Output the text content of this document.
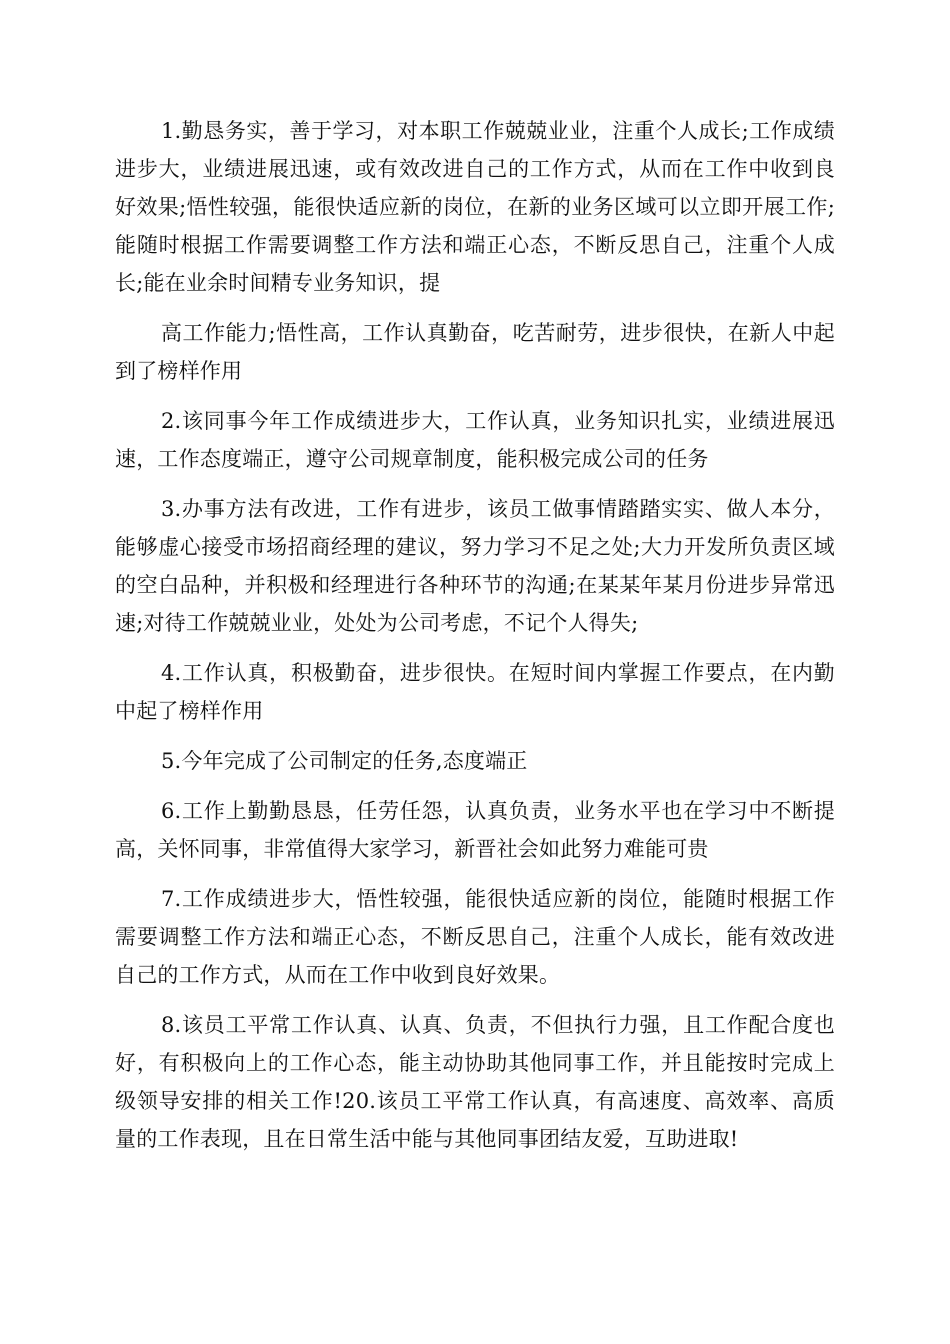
1.勤恳务实，善于学习，对本职工作兢兢业业，注重个人成长;工作成绩进步大，业绩进展迅速，或有效改进自己的工作方式，从而在工作中收到良好效果;悟性较强，能很快适应新的岗位，在新的业务区域可以立即开展工作;能随时根据工作需要调整工作方法和端正心态，不断反思自己，注重个人成长;能在业余时间精专业务知识，提

高工作能力;悟性高，工作认真勤奋，吃苦耐劳，进步很快，在新人中起到了榜样作用

2.该同事今年工作成绩进步大，工作认真，业务知识扎实，业绩进展迅速，工作态度端正，遵守公司规章制度，能积极完成公司的任务

3.办事方法有改进，工作有进步，该员工做事情踏踏实实、做人本分，能够虚心接受市场招商经理的建议，努力学习不足之处;大力开发所负责区域的空白品种，并积极和经理进行各种环节的沟通;在某某年某月份进步异常迅速;对待工作兢兢业业，处处为公司考虑，不记个人得失;

4.工作认真，积极勤奋，进步很快。在短时间内掌握工作要点，在内勤中起了榜样作用

5.今年完成了公司制定的任务,态度端正

6.工作上勤勤恳恳，任劳任怨，认真负责，业务水平也在学习中不断提高，关怀同事，非常值得大家学习，新晋社会如此努力难能可贵

7.工作成绩进步大，悟性较强，能很快适应新的岗位，能随时根据工作需要调整工作方法和端正心态，不断反思自己，注重个人成长，能有效改进自己的工作方式，从而在工作中收到良好效果。

8.该员工平常工作认真、认真、负责，不但执行力强，且工作配合度也好，有积极向上的工作心态，能主动协助其他同事工作，并且能按时完成上级领导安排的相关工作!20.该员工平常工作认真，有高速度、高效率、高质量的工作表现，且在日常生活中能与其他同事团结友爱，互助进取!
